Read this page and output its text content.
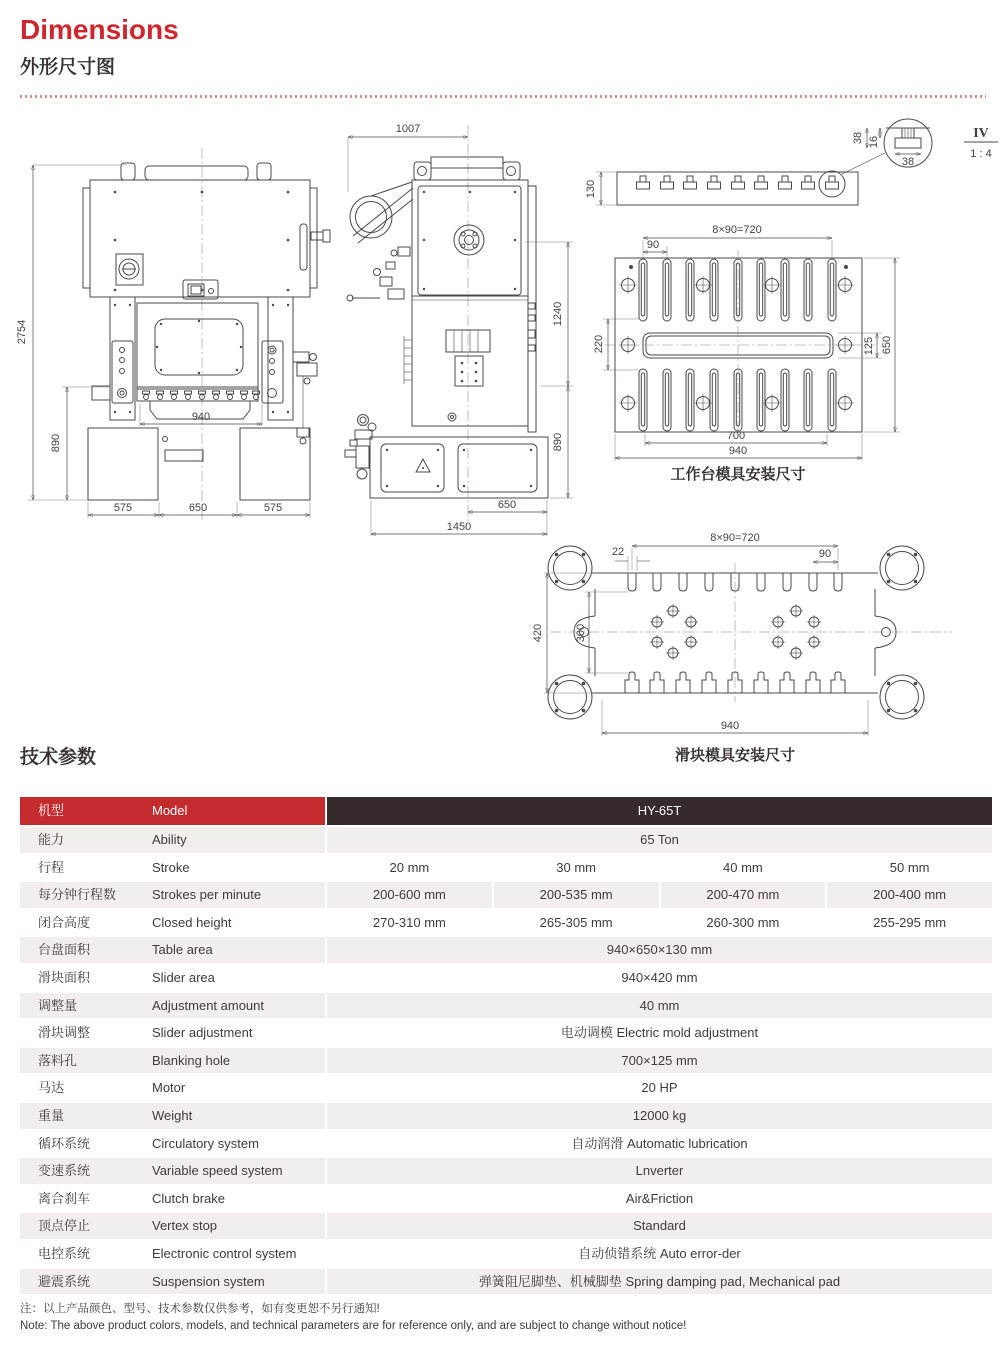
Dimensions
外形尺寸图
2754
890
940
575	650	575
1007
1240
890
650
1450
130
38 16
38
IV
1 : 4
8×90=720
90
220	125 650
700
940
工作台模具安装尺寸
8×90=720
22	90
420	300
940
滑块模具安装尺寸
技术参数
机型	Model	HY-65T
能力	Ability	65 Ton
行程	Stroke	20 mm	30 mm	40 mm	50 mm
每分钟行程数	Strokes per minute	200-600 mm	200-535 mm	200-470 mm	200-400 mm
闭合高度	Closed height	270-310 mm	265-305 mm	260-300 mm	255-295 mm
台盘面积	Table area	940×650×130 mm
滑块面积	Slider area	940×420 mm
调整量	Adjustment amount	40 mm
滑块调整	Slider adjustment	电动调模 Electric mold adjustment
落料孔	Blanking hole	700×125 mm
马达	Motor	20 HP
重量	Weight	12000 kg
循环系统	Circulatory system	自动润滑 Automatic lubrication
变速系统	Variable speed system	Lnverter
离合刹车	Clutch brake	Air&Friction
顶点停止	Vertex stop	Standard
电控系统	Electronic control system	自动侦错系统 Auto error-der
避震系统	Suspension system	弹簧阻尼脚垫、机械脚垫 Spring damping pad, Mechanical pad
注：以上产品颜色、型号、技术参数仅供参考，如有变更恕不另行通知!
Note: The above product colors, models, and technical parameters are for reference only, and are subject to change without notice!
